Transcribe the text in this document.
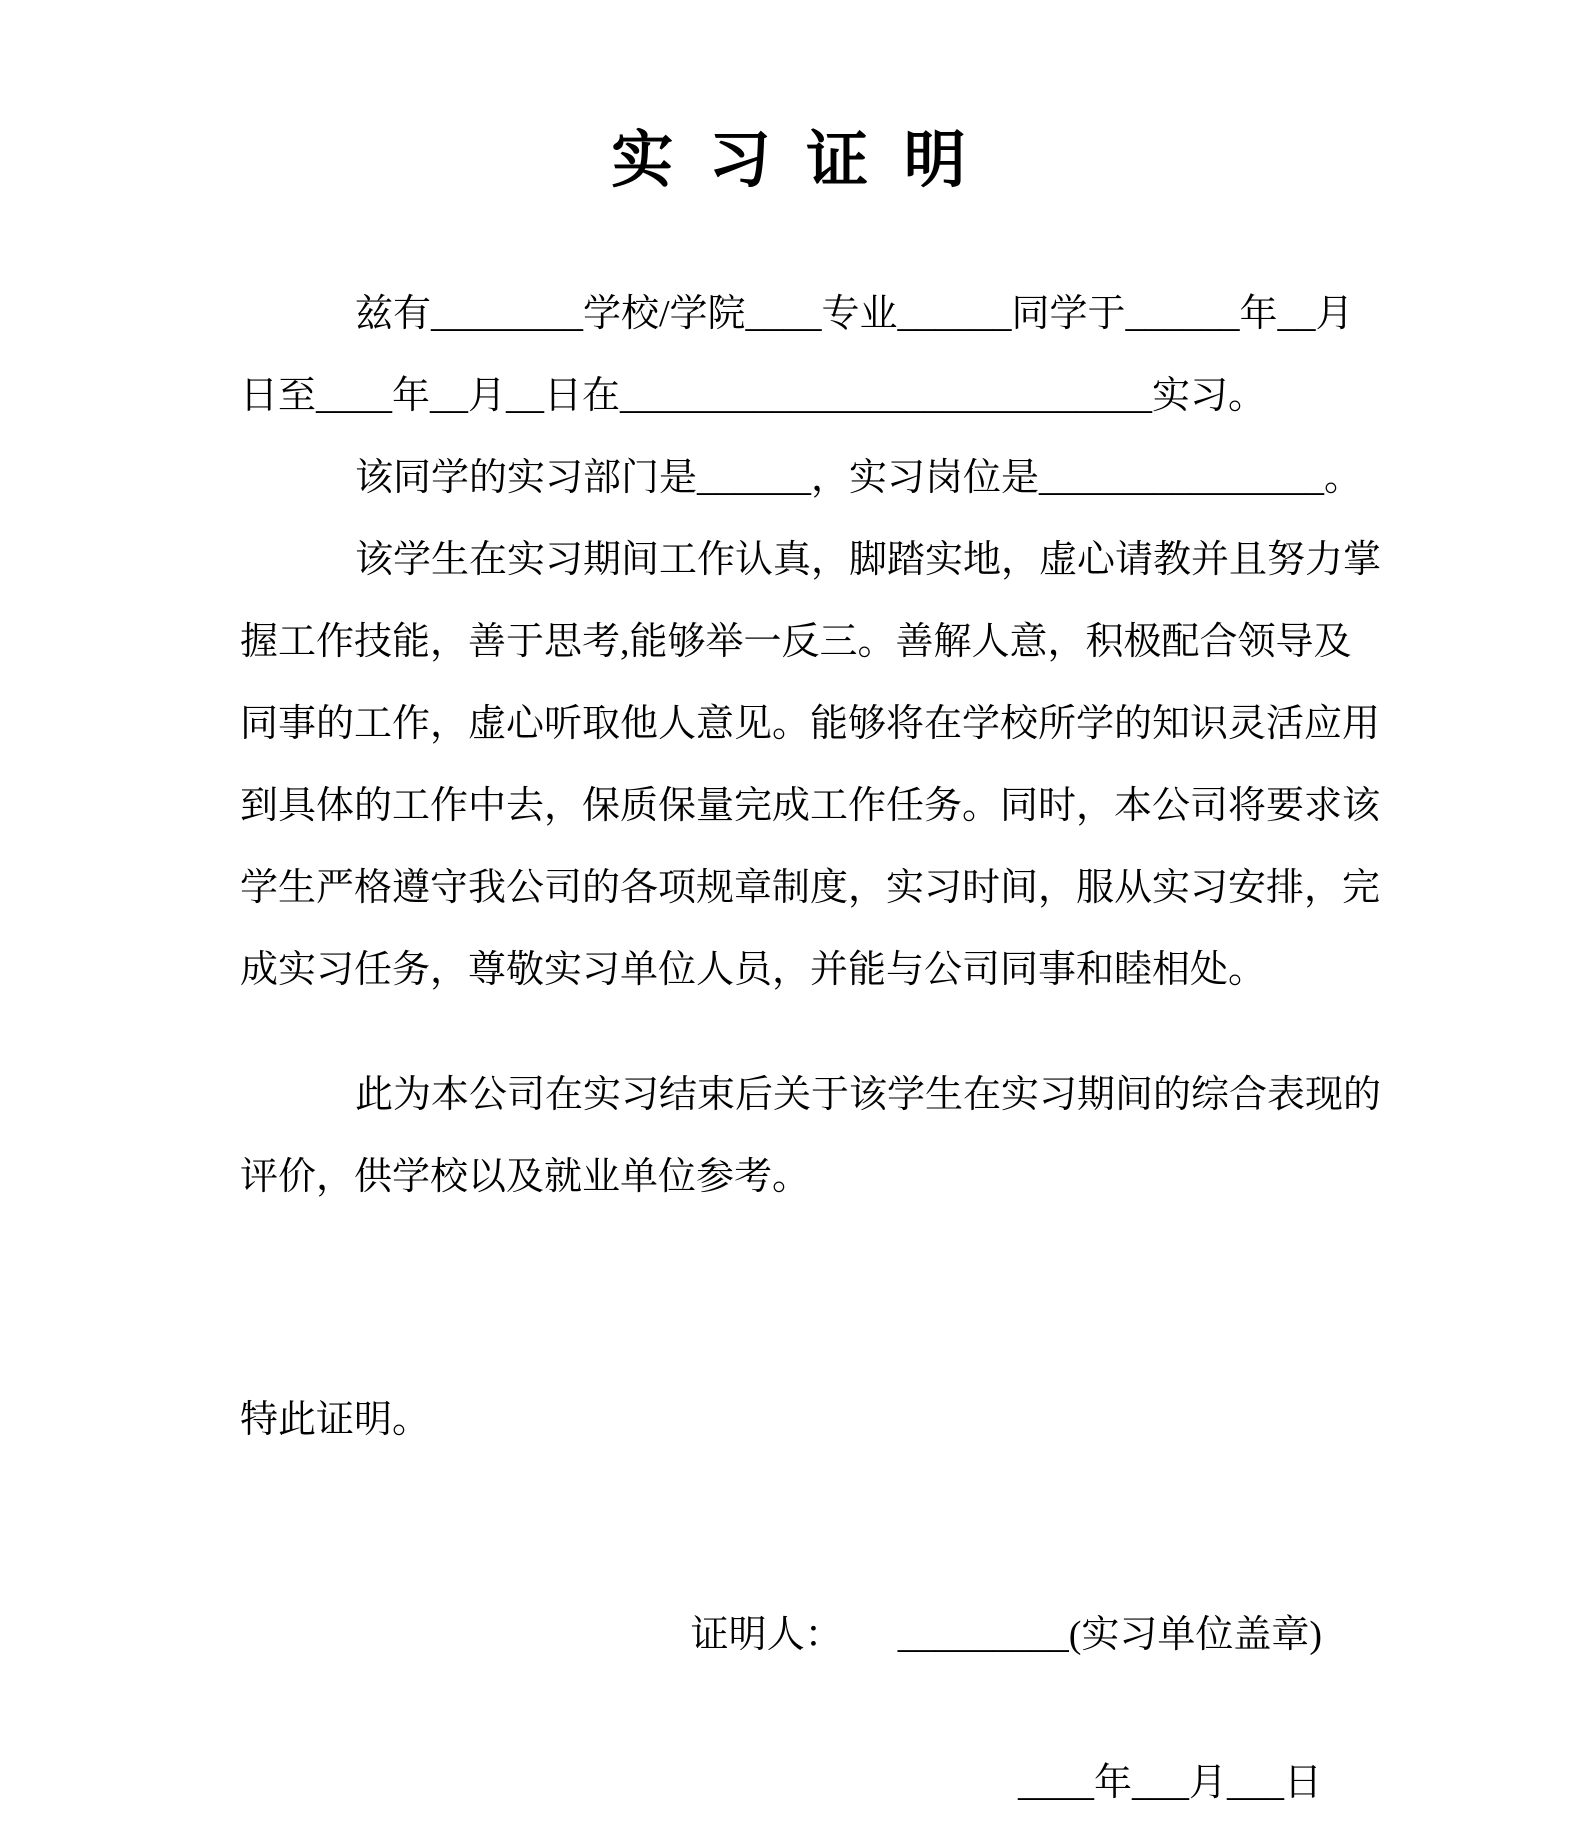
实 习 证 明
兹有________学校/学院____专业______同学于______年__月
日至____年__月__日在____________________________实习。
该同学的实习部门是______，实习岗位是_______________。
该学生在实习期间工作认真，脚踏实地，虚心请教并且努力掌
握工作技能，善于思考,能够举一反三。善解人意，积极配合领导及
同事的工作，虚心听取他人意见。能够将在学校所学的知识灵活应用
到具体的工作中去，保质保量完成工作任务。同时，本公司将要求该
学生严格遵守我公司的各项规章制度，实习时间，服从实习安排，完
成实习任务，尊敬实习单位人员，并能与公司同事和睦相处。
此为本公司在实习结束后关于该学生在实习期间的综合表现的
评价，供学校以及就业单位参考。
特此证明。
证明人： _________ (实习单位盖章)
____年___月___日
